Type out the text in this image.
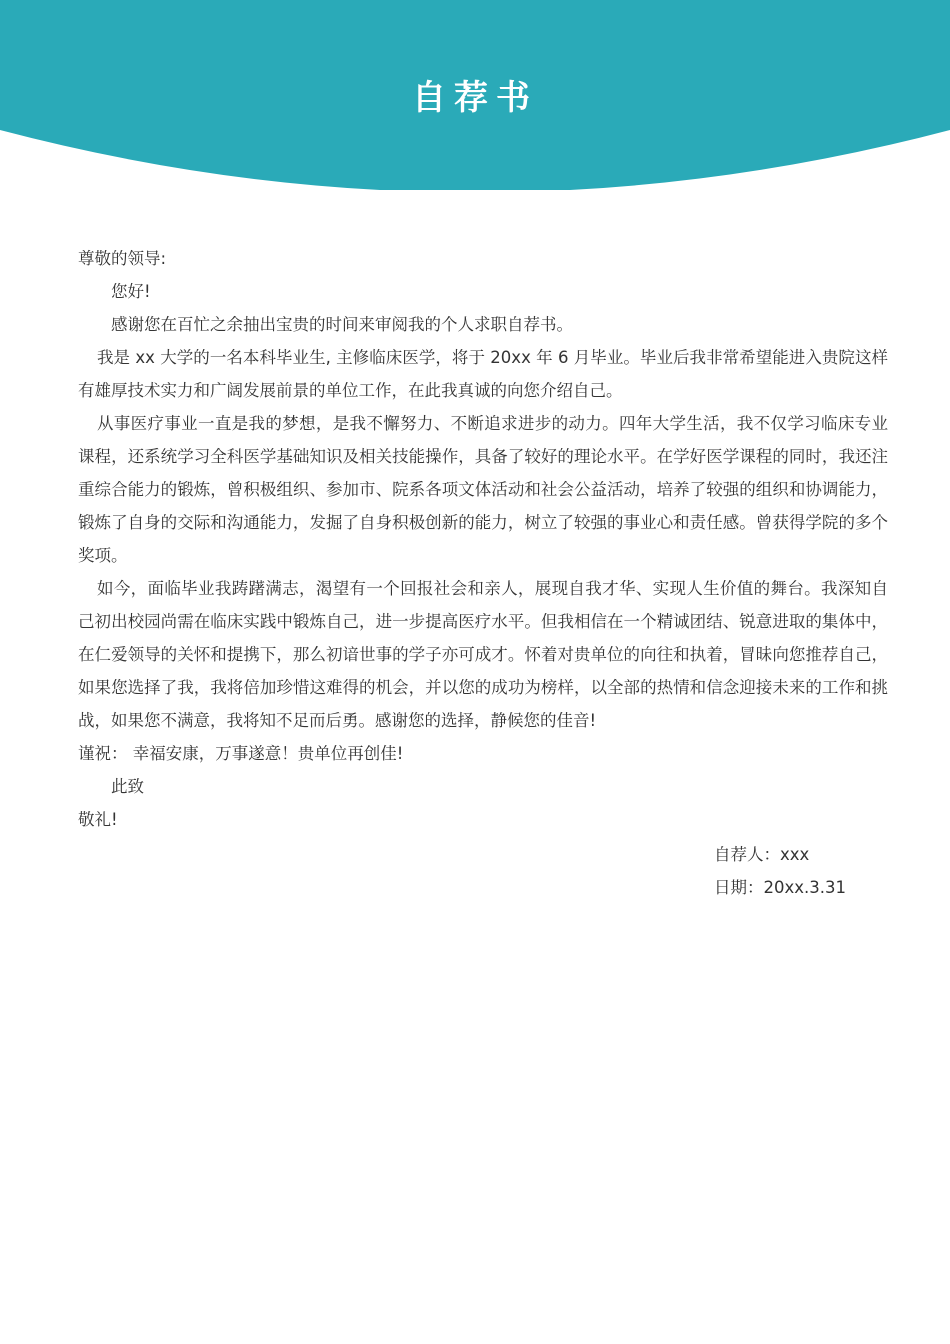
自荐书

尊敬的领导:

您好!

感谢您在百忙之余抽出宝贵的时间来审阅我的个人求职自荐书。

我是 xx 大学的一名本科毕业生, 主修临床医学，将于 20xx 年 6 月毕业。毕业后我非常希望能进入贵院这样有雄厚技术实力和广阔发展前景的单位工作，在此我真诚的向您介绍自己。

从事医疗事业一直是我的梦想，是我不懈努力、不断追求进步的动力。四年大学生活，我不仅学习临床专业课程，还系统学习全科医学基础知识及相关技能操作，具备了较好的理论水平。在学好医学课程的同时，我还注重综合能力的锻炼，曾积极组织、参加市、院系各项文体活动和社会公益活动，培养了较强的组织和协调能力，锻炼了自身的交际和沟通能力，发掘了自身积极创新的能力，树立了较强的事业心和责任感。曾获得学院的多个奖项。

如今，面临毕业我踌躇满志，渴望有一个回报社会和亲人，展现自我才华、实现人生价值的舞台。我深知自己初出校园尚需在临床实践中锻炼自己，进一步提高医疗水平。但我相信在一个精诚团结、锐意进取的集体中，在仁爱领导的关怀和提携下，那么初谙世事的学子亦可成才。怀着对贵单位的向往和执着，冒昧向您推荐自己，如果您选择了我，我将倍加珍惜这难得的机会，并以您的成功为榜样，以全部的热情和信念迎接未来的工作和挑战，如果您不满意，我将知不足而后勇。感谢您的选择，静候您的佳音!

谨祝： 幸福安康，万事遂意！贵单位再创佳!

此致

敬礼!

自荐人：xxx

日期：20xx.3.31
